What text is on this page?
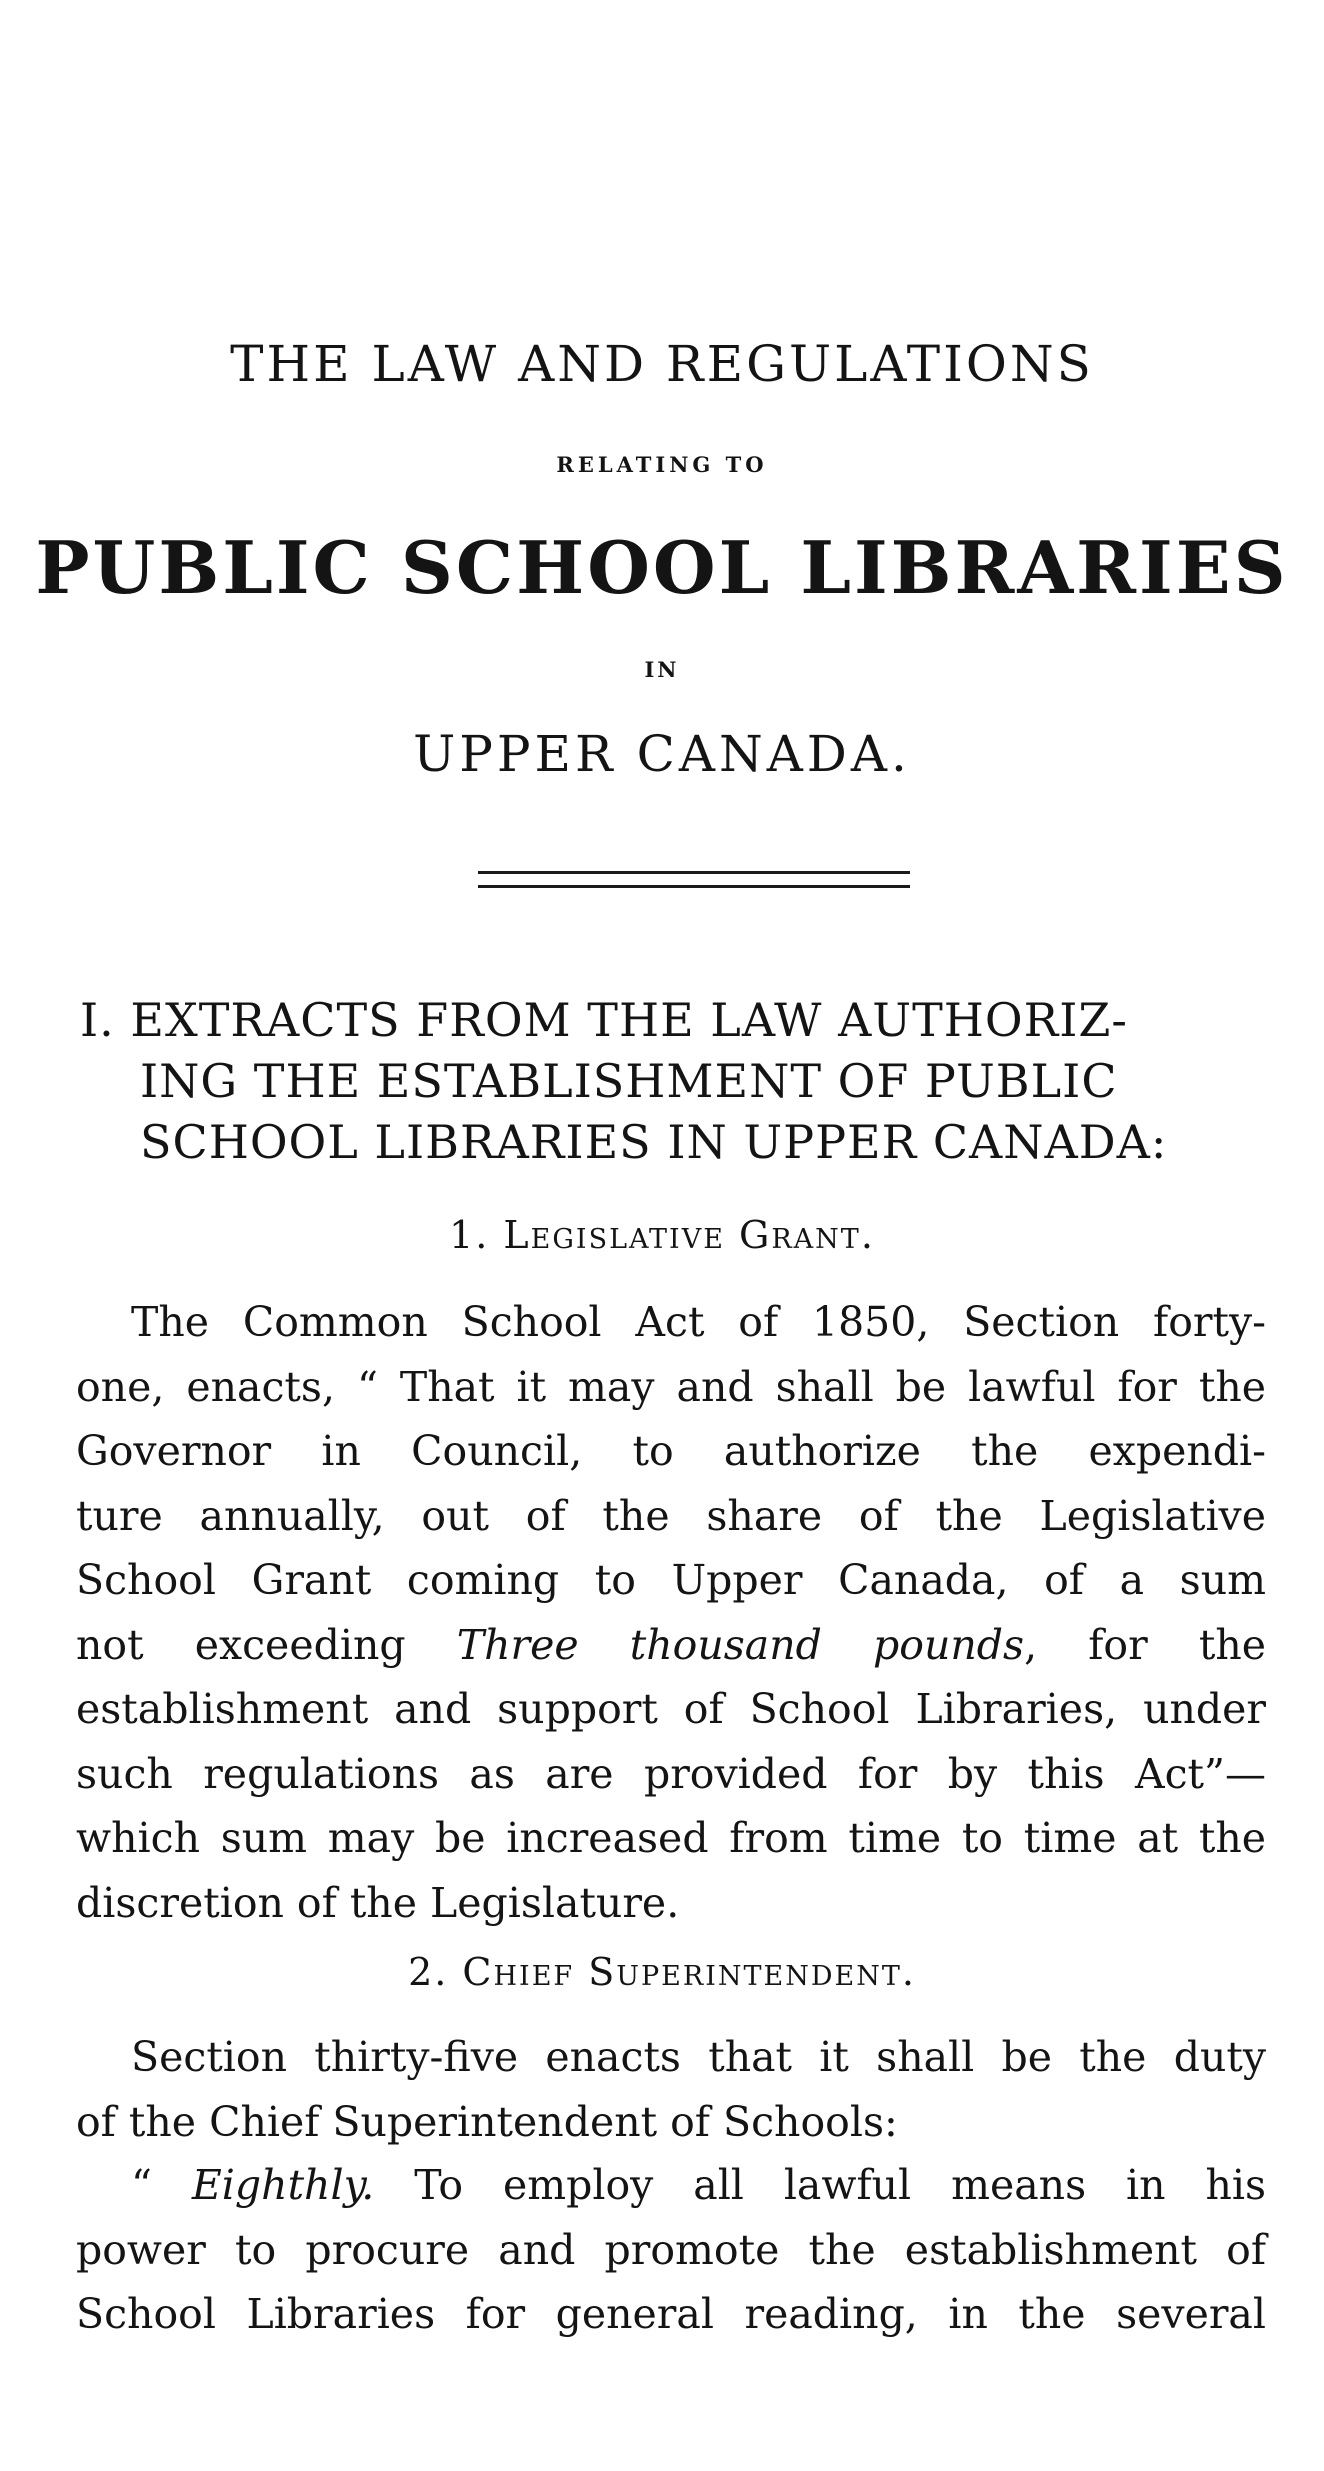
THE LAW AND REGULATIONS
RELATING TO
PUBLIC SCHOOL LIBRARIES
IN
UPPER CANADA.
I. EXTRACTS FROM THE LAW AUTHORIZ-
ING THE ESTABLISHMENT OF PUBLIC
SCHOOL LIBRARIES IN UPPER CANADA:
1. Legislative Grant.
The Common School Act of 1850, Section forty-
one, enacts, “ That it may and shall be lawful for the
Governor in Council, to authorize the expendi-
ture annually, out of the share of the Legislative
School Grant coming to Upper Canada, of a sum
not exceeding Three thousand pounds, for the
establishment and support of School Libraries, under
such regulations as are provided for by this Act”—
which sum may be increased from time to time at the
discretion of the Legislature.
2. Chief Superintendent.
Section thirty-five enacts that it shall be the duty
of the Chief Superintendent of Schools:
“ Eighthly. To employ all lawful means in his
power to procure and promote the establishment of
School Libraries for general reading, in the several
